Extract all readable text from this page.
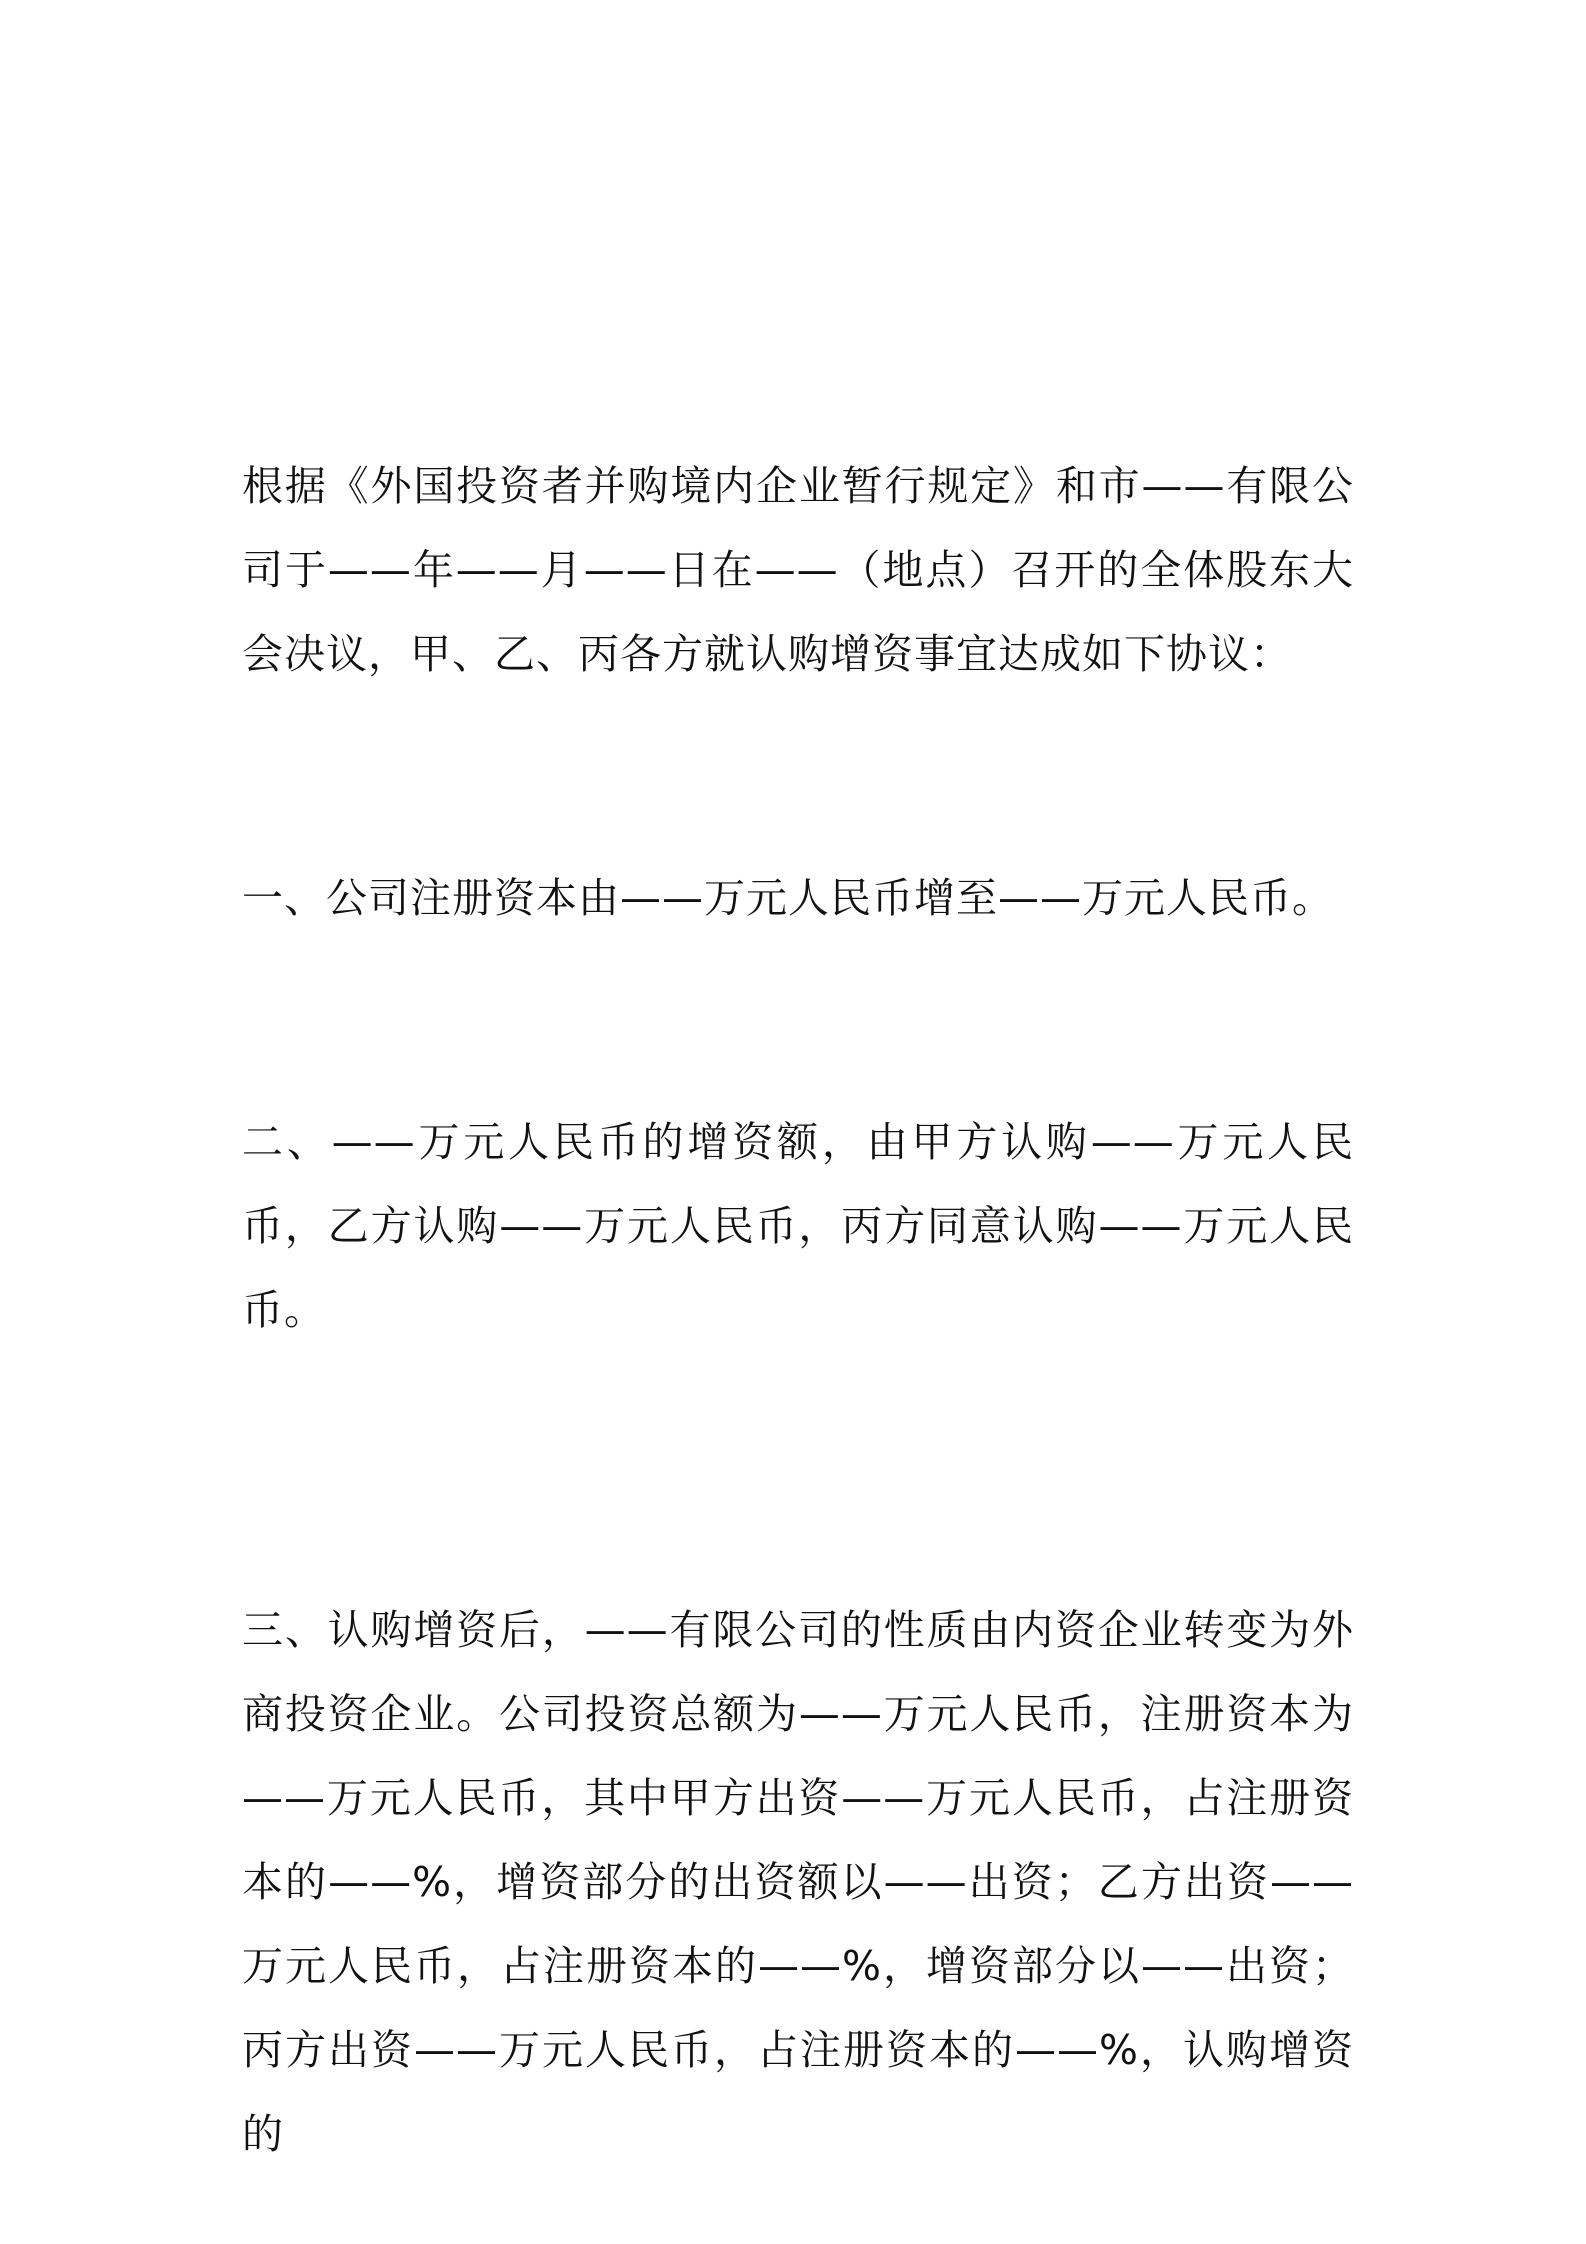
根据《外国投资者并购境内企业暂行规定》和市——有限公司于——年——月——日在——（地点）召开的全体股东大会决议，甲、乙、丙各方就认购增资事宜达成如下协议：

一、公司注册资本由——万元人民币增至——万元人民币。

二、——万元人民币的增资额，由甲方认购——万元人民币，乙方认购——万元人民币，丙方同意认购——万元人民币。

三、认购增资后，——有限公司的性质由内资企业转变为外商投资企业。公司投资总额为——万元人民币，注册资本为——万元人民币，其中甲方出资——万元人民币，占注册资本的——%，增资部分的出资额以——出资；乙方出资——万元人民币，占注册资本的——%，增资部分以——出资；丙方出资——万元人民币，占注册资本的——%，认购增资的
